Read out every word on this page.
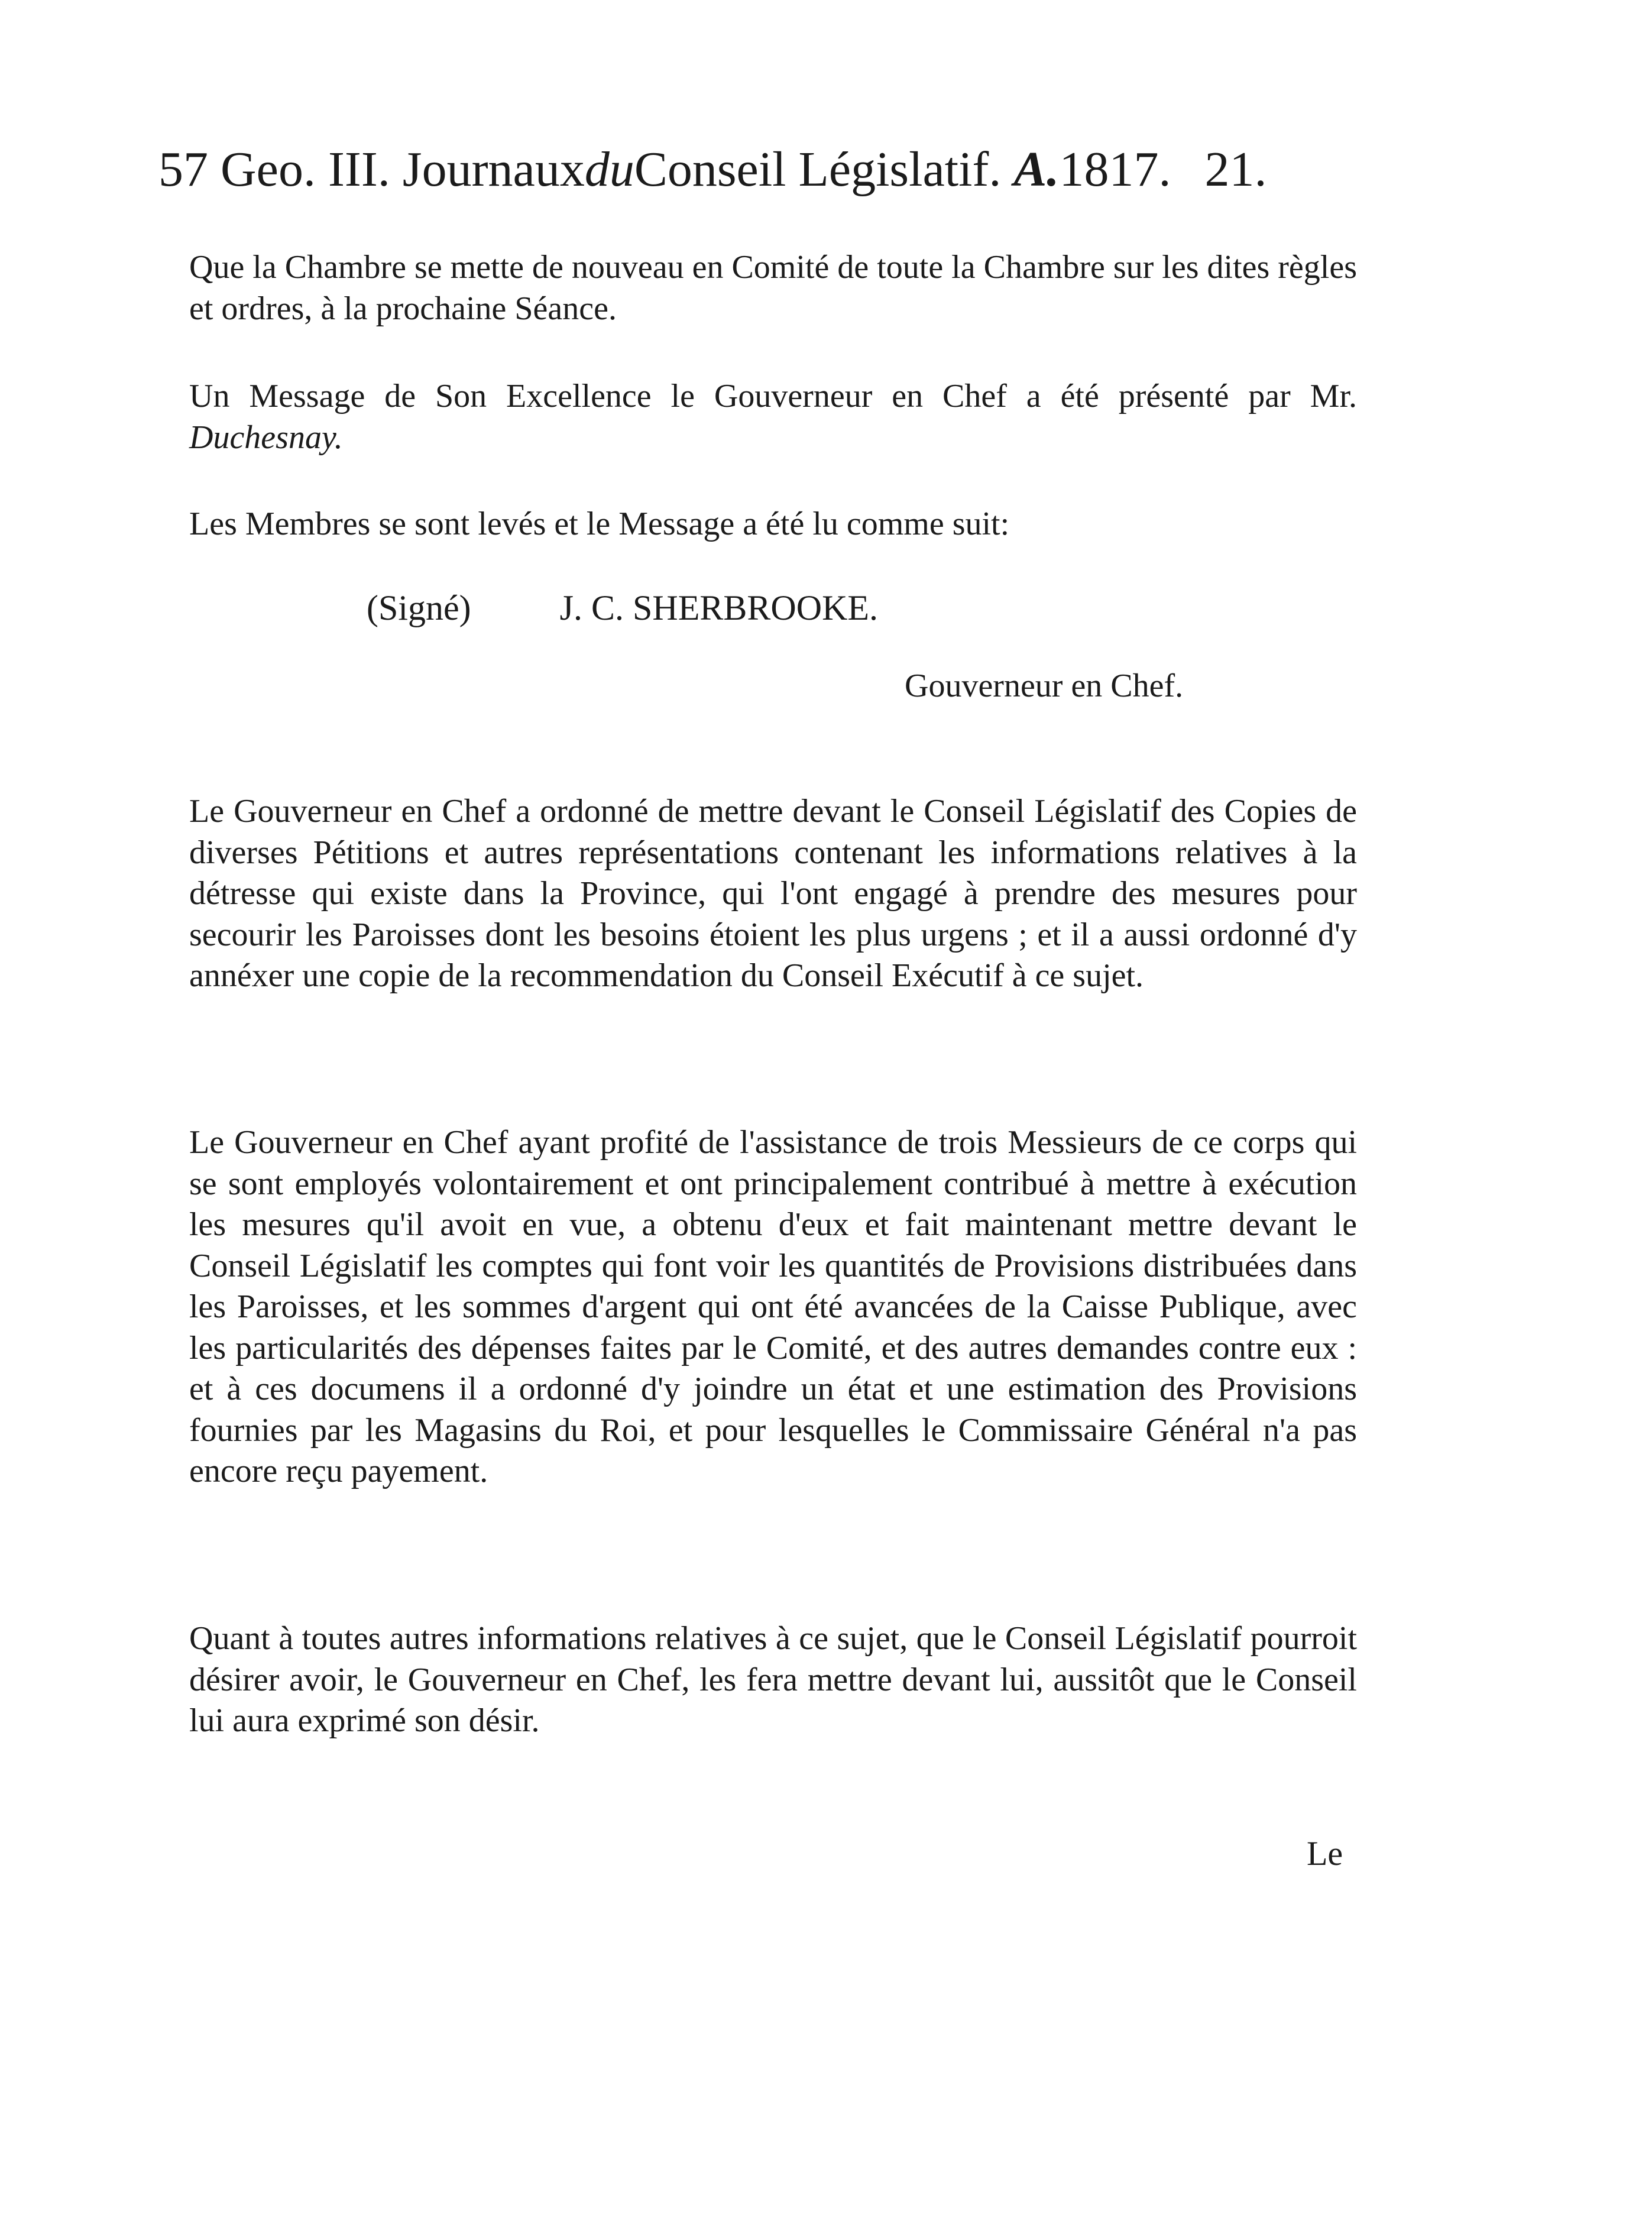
57 Geo. III. JournauxduConseil Législatif. A.1817. 21.

Que la Chambre se mette de nouveau en Comité de toute la Chambre sur les dites règles et ordres, à la prochaine Séance.

Un Message de Son Excellence le Gouverneur en Chef a été présenté par Mr. Duchesnay.

Les Membres se sont levés et le Message a été lu comme suit:

(Signé)	J. C. SHERBROOKE.
Gouverneur en Chef.

Le Gouverneur en Chef a ordonné de mettre devant le Conseil Législatif des Copies de diverses Pétitions et autres représentations contenant les informations relatives à la détresse qui existe dans la Province, qui l'ont engagé à prendre des mesures pour secourir les Paroisses dont les besoins étoient les plus urgens ; et il a aussi ordonné d'y annéxer une copie de la recommendation du Conseil Exécutif à ce sujet.

Le Gouverneur en Chef ayant profité de l'assistance de trois Messieurs de ce corps qui se sont employés volontairement et ont principalement contribué à mettre à exécution les mesures qu'il avoit en vue, a obtenu d'eux et fait maintenant mettre devant le Conseil Législatif les comptes qui font voir les quantités de Provisions distribuées dans les Paroisses, et les sommes d'argent qui ont été avancées de la Caisse Publique, avec les particularités des dépenses faites par le Comité, et des autres demandes contre eux : et à ces documens il a ordonné d'y joindre un état et une estimation des Provisions fournies par les Magasins du Roi, et pour lesquelles le Commissaire Général n'a pas encore reçu payement.

Quant à toutes autres informations relatives à ce sujet, que le Conseil Législatif pourroit désirer avoir, le Gouverneur en Chef, les fera mettre devant lui, aussitôt que le Conseil lui aura exprimé son désir.

Le
